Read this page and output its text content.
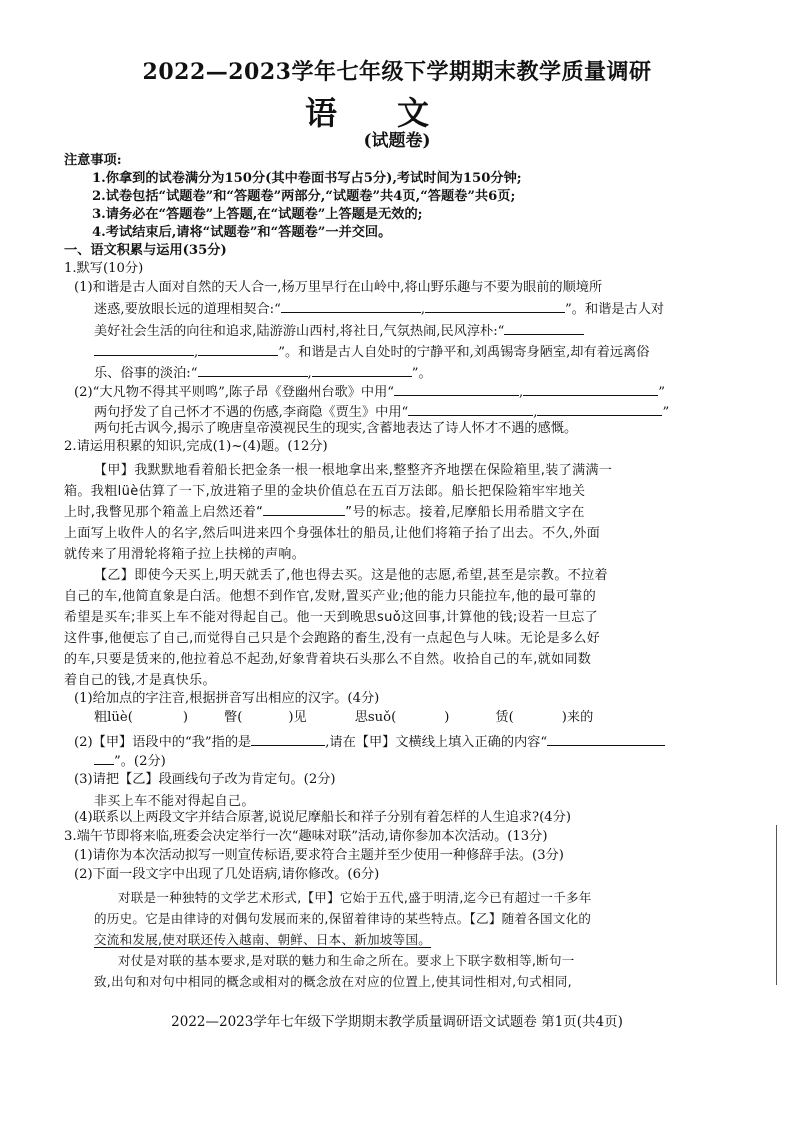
2022—2023学年七年级下学期期末教学质量调研
语文
(试题卷)
注意事项:
1.你拿到的试卷满分为150分(其中卷面书写占5分),考试时间为150分钟;
2.试卷包括“试题卷”和“答题卷”两部分,“试题卷”共4页,“答题卷”共6页;
3.请务必在“答题卷”上答题,在“试题卷”上答题是无效的;
4.考试结束后,请将“试题卷”和“答题卷”一并交回。
一、语文积累与运用(35分)
1.默写(10分)
(1)和谐是古人面对自然的天人合一,杨万里早行在山岭中,将山野乐趣与不要为眼前的顺境所
迷惑,要放眼长远的道理相契合:“	,	”。和谐是古人对
美好社会生活的向往和追求,陆游游山西村,将社日,气氛热闹,民风淳朴:“
,	”。和谐是古人自处时的宁静平和,刘禹锡寄身陋室,却有着远离俗
乐、俗事的淡泊:“	,	”。
(2)“大凡物不得其平则鸣”,陈子昂《登幽州台歌》中用“	,	”
两句抒发了自己怀才不遇的伤感,李商隐《贾生》中用“	,	”
两句托古讽今,揭示了晚唐皇帝漠视民生的现实,含蓄地表达了诗人怀才不遇的感慨。
2.请运用积累的知识,完成(1)~(4)题。(12分)
【甲】我默默地看着船长把金条一根一根地拿出来,整整齐齐地摆在保险箱里,装了满满一
箱。我粗lüè估算了一下,放进箱子里的金块价值总在五百万法郎。船长把保险箱牢牢地关
上时,我瞥见那个箱盖上启然还着“	”号的标志。接着,尼摩船长用希腊文字在
上面写上收件人的名字,然后叫进来四个身强体壮的船员,让他们将箱子抬了出去。不久,外面
就传来了用滑轮将箱子拉上扶梯的声响。
【乙】即使今天买上,明天就丢了,他也得去买。这是他的志愿,希望,甚至是宗教。不拉着
自己的车,他简直象是白活。他想不到作官,发财,置买产业;他的能力只能拉车,他的最可靠的
希望是买车;非买上车不能对得起自己。他一天到晚思suǒ这回事,计算他的钱;设若一旦忘了
这件事,他便忘了自己,而觉得自己只是个会跑路的畜生,没有一点起色与人味。无论是多么好
的车,只要是赁来的,他拉着总不起劲,好象背着块石头那么不自然。收拾自己的车,就如同数
着自己的钱,才是真快乐。
(1)给加点的字注音,根据拼音写出相应的汉字。(4分)
粗lüè(	)	瞥(	)见	思suǒ(	)	赁(	)来的
(2)【甲】语段中的“我”指的是	,请在【甲】文横线上填入正确的内容“
”。(2分)
(3)请把【乙】段画线句子改为肯定句。(2分)
非买上车不能对得起自己。
(4)联系以上两段文字并结合原著,说说尼摩船长和祥子分别有着怎样的人生追求?(4分)
3.端午节即将来临,班委会决定举行一次“趣味对联”活动,请你参加本次活动。(13分)
(1)请你为本次活动拟写一则宣传标语,要求符合主题并至少使用一种修辞手法。(3分)
(2)下面一段文字中出现了几处语病,请你修改。(6分)
对联是一种独特的文学艺术形式,【甲】它始于五代,盛于明清,迄今已有超过一千多年
的历史。它是由律诗的对偶句发展而来的,保留着律诗的某些特点。【乙】随着各国文化的
交流和发展,使对联还传入越南、朝鲜、日本、新加坡等国。
对仗是对联的基本要求,是对联的魅力和生命之所在。要求上下联字数相等,断句一
致,出句和对句中相同的概念或相对的概念放在对应的位置上,使其词性相对,句式相同,
2022—2023学年七年级下学期期末教学质量调研语文试题卷 第1页(共4页)
